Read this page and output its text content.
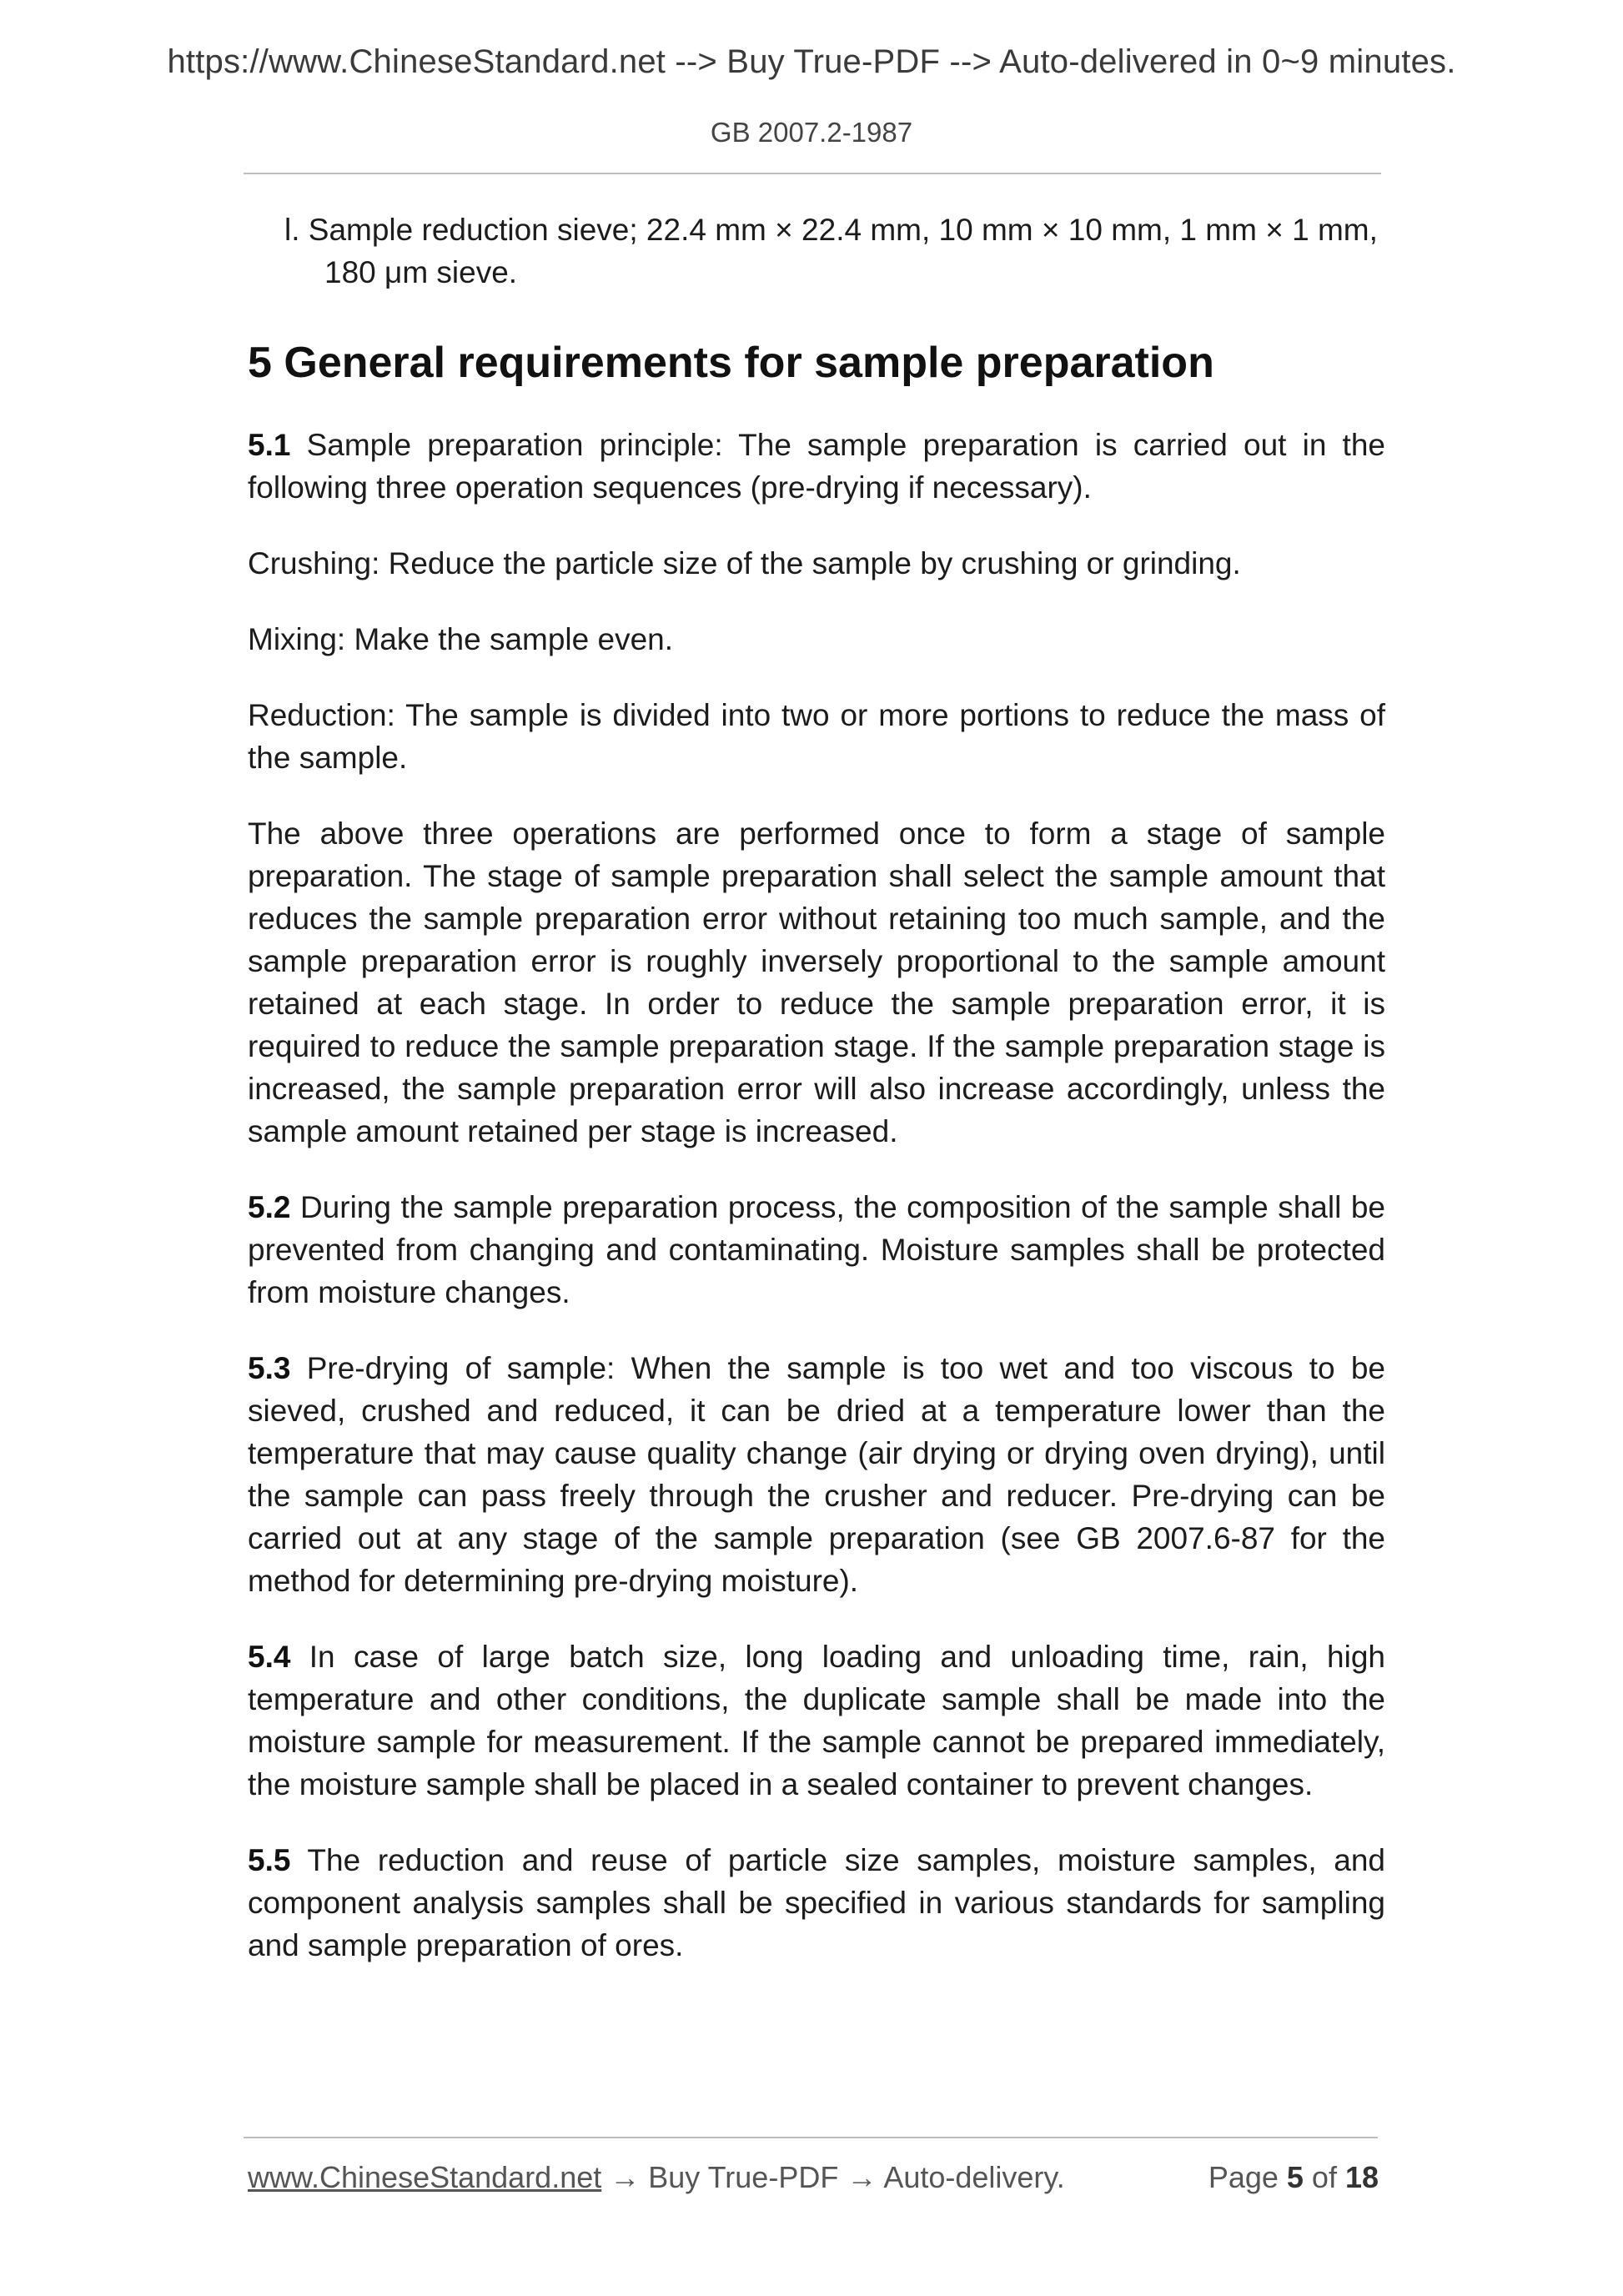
https://www.ChineseStandard.net --> Buy True-PDF --> Auto-delivered in 0~9 minutes.
GB 2007.2-1987

l. Sample reduction sieve; 22.4 mm × 22.4 mm, 10 mm × 10 mm, 1 mm × 1 mm, 180 μm sieve.

5 General requirements for sample preparation

5.1 Sample preparation principle: The sample preparation is carried out in the following three operation sequences (pre-drying if necessary).

Crushing: Reduce the particle size of the sample by crushing or grinding.

Mixing: Make the sample even.

Reduction: The sample is divided into two or more portions to reduce the mass of the sample.

The above three operations are performed once to form a stage of sample preparation. The stage of sample preparation shall select the sample amount that reduces the sample preparation error without retaining too much sample, and the sample preparation error is roughly inversely proportional to the sample amount retained at each stage. In order to reduce the sample preparation error, it is required to reduce the sample preparation stage. If the sample preparation stage is increased, the sample preparation error will also increase accordingly, unless the sample amount retained per stage is increased.

5.2 During the sample preparation process, the composition of the sample shall be prevented from changing and contaminating. Moisture samples shall be protected from moisture changes.

5.3 Pre-drying of sample: When the sample is too wet and too viscous to be sieved, crushed and reduced, it can be dried at a temperature lower than the temperature that may cause quality change (air drying or drying oven drying), until the sample can pass freely through the crusher and reducer. Pre-drying can be carried out at any stage of the sample preparation (see GB 2007.6-87 for the method for determining pre-drying moisture).

5.4 In case of large batch size, long loading and unloading time, rain, high temperature and other conditions, the duplicate sample shall be made into the moisture sample for measurement. If the sample cannot be prepared immediately, the moisture sample shall be placed in a sealed container to prevent changes.

5.5 The reduction and reuse of particle size samples, moisture samples, and component analysis samples shall be specified in various standards for sampling and sample preparation of ores.

www.ChineseStandard.net → Buy True-PDF → Auto-delivery.	Page 5 of 18
